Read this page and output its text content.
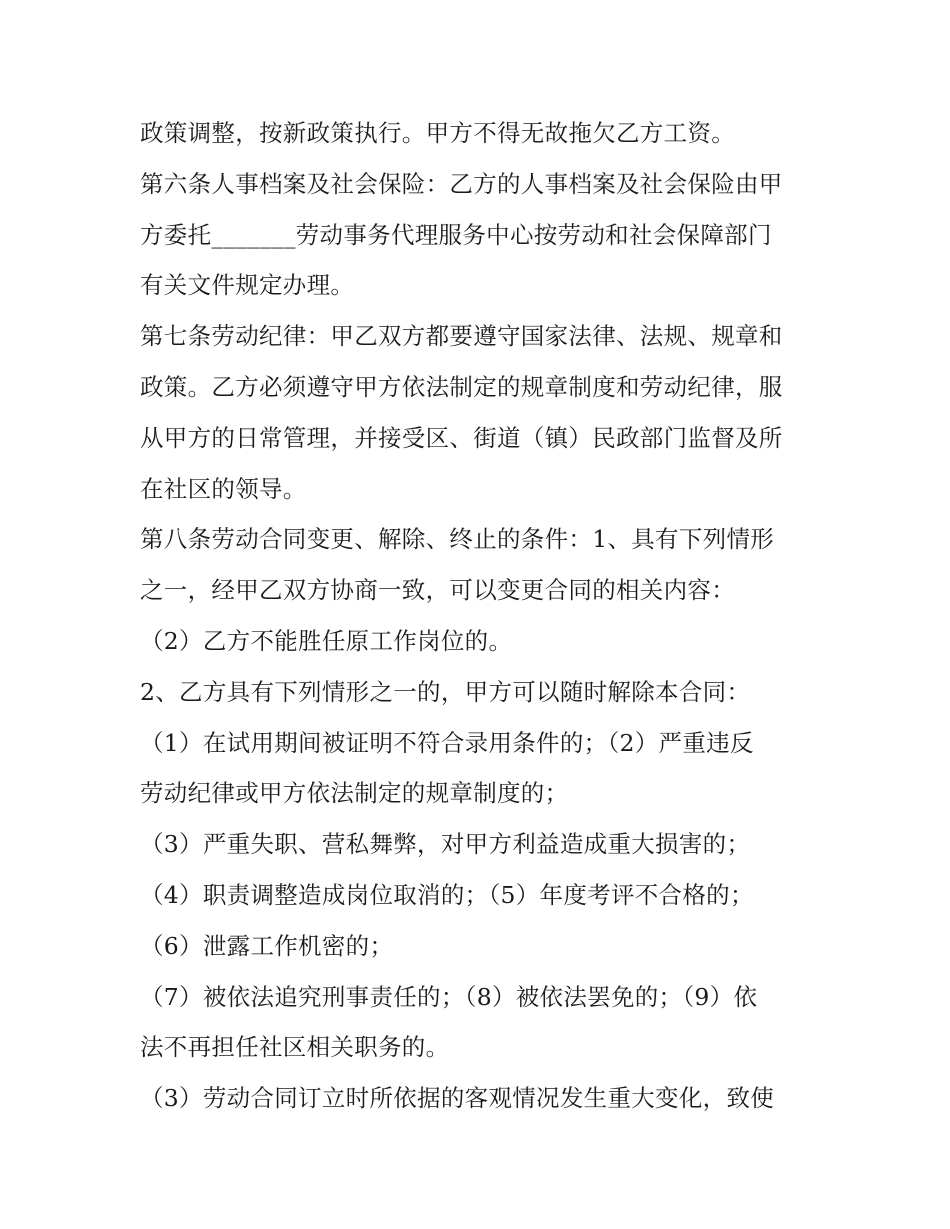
政策调整，按新政策执行。甲方不得无故拖欠乙方工资。
第六条人事档案及社会保险：乙方的人事档案及社会保险由甲
方委托_______劳动事务代理服务中心按劳动和社会保障部门
有关文件规定办理。
第七条劳动纪律：甲乙双方都要遵守国家法律、法规、规章和
政策。乙方必须遵守甲方依法制定的规章制度和劳动纪律，服
从甲方的日常管理，并接受区、街道（镇）民政部门监督及所
在社区的领导。
第八条劳动合同变更、解除、终止的条件：1、具有下列情形
之一，经甲乙双方协商一致，可以变更合同的相关内容：
（2）乙方不能胜任原工作岗位的。
2、乙方具有下列情形之一的，甲方可以随时解除本合同：
（1）在试用期间被证明不符合录用条件的；（2）严重违反
劳动纪律或甲方依法制定的规章制度的；
（3）严重失职、营私舞弊，对甲方利益造成重大损害的；
（4）职责调整造成岗位取消的；（5）年度考评不合格的；
（6）泄露工作机密的；
（7）被依法追究刑事责任的；（8）被依法罢免的；（9）依
法不再担任社区相关职务的。
（3）劳动合同订立时所依据的客观情况发生重大变化，致使
